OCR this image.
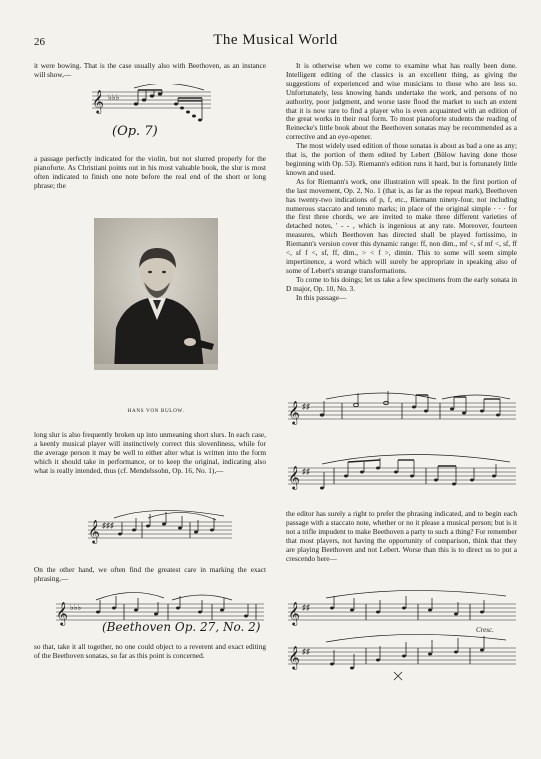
26	The Musical World

it were bowing. That is the case usually also with Beethoven, as an instance will show,—

𝄞 ♭♭♭
(Op. 7)

a passage perfectly indicated for the violin, but not slurred properly for the pianoforte. As Christiani points out in his most valuable book, the slur is most often indicated to finish one note before the real end of the short or long phrase; the

HANS VON BULOW.

long slur is also frequently broken up into unmeaning short slurs. In each case, a keenly musical player will instinctively correct this slovenliness, while for the average person it may be well to either alter what is written into the form which it should take in performance, or to keep the original, indicating also what is really intended, thus (cf. Mendelssohn, Op. 16, No. 1),—

𝄞 ♯♯♯

On the other hand, we often find the greatest care in marking the exact phrasing,—

𝄞 ♭♭♭
(Beethoven Op. 27, No. 2)

so that, take it all together, no one could object to a reverent and exact editing of the Beethoven sonatas, so far as this point is concerned.

It is otherwise when we come to examine what has really been done. Intelligent editing of the classics is an excellent thing, as giving the suggestions of experienced and wise musicians to those who are less so. Unfortunately, less knowing hands undertake the work, and persons of no authority, poor judgment, and worse taste flood the market to such an extent that it is now rare to find a player who is even acquainted with an edition of the great works in their real form. To most pianoforte students the reading of Reinecke's little book about the Beethoven sonatas may be recommended as a corrective and an eye-opener.

The most widely used edition of those sonatas is about as bad a one as any; that is, the portion of them edited by Lebert (Bülow having done those beginning with Op. 53). Riemann's edition runs it hard, but is fortunately little known and used.

As for Riemann's work, one illustration will speak. In the first portion of the last movement, Op. 2, No. 1 (that is, as far as the repeat mark), Beethoven has twenty-two indications of p, f, etc., Riemann ninety-four, not including numerous staccato and tenuto marks; in place of the original simple · · · for the first three chords, we are invited to make three different varieties of detached notes, ' - ‐ , which is ingenious at any rate. Moreover, fourteen measures, which Beethoven has directed shall be played fortissimo, in Riemann's version cover this dynamic range: ff, non dim., mf <, sf mf <, sf, ff <, sf f <, sf, ff, dim., > < f >, dimin. This to some will seem simple impertinence, a word which will surely be appropriate in speaking also of some of Lebert's strange transformations.

To come to his doings; let us take a few specimens from the early sonata in D major, Op. 10, No. 3.

In this passage—

𝄞 ♯♯
𝄞 ♯♯

the editor has surely a right to prefer the phrasing indicated, and to begin each passage with a staccato note, whether or no it please a musical person; but is it not a trifle impudent to make Beethoven a party to such a thing? For remember that most players, not having the opportunity of comparison, think that they are playing Beethoven and not Lebert. Worse than this is to direct us to put a crescendo here—

𝄞 ♯♯
𝄞 ♯♯
Cresc.
